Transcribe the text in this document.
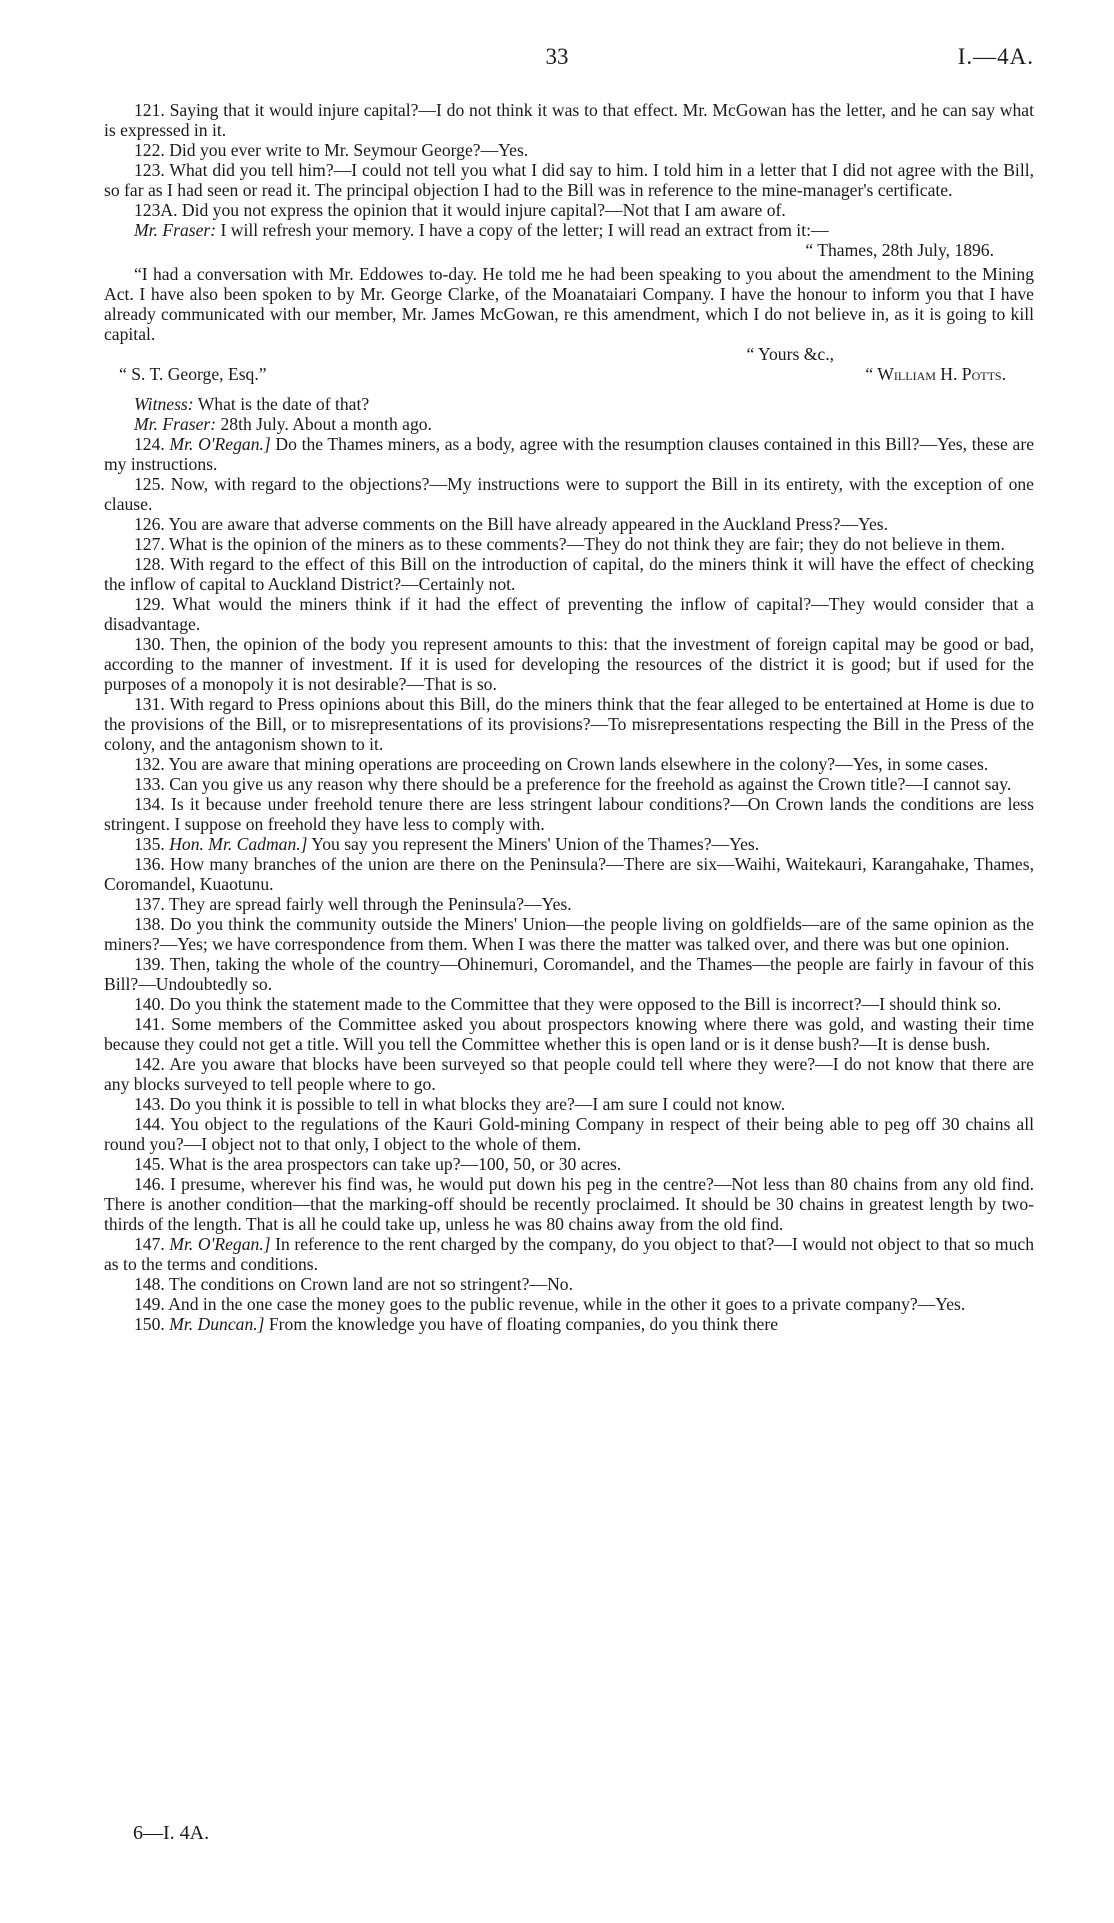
33	I.—4A.

121. Saying that it would injure capital?—I do not think it was to that effect. Mr. McGowan has the letter, and he can say what is expressed in it.

122. Did you ever write to Mr. Seymour George?—Yes.

123. What did you tell him?—I could not tell you what I did say to him. I told him in a letter that I did not agree with the Bill, so far as I had seen or read it. The principal objection I had to the Bill was in reference to the mine-manager's certificate.

123A. Did you not express the opinion that it would injure capital?—Not that I am aware of.

Mr. Fraser: I will refresh your memory. I have a copy of the letter; I will read an extract from it:—

“ Thames, 28th July, 1896.

“I had a conversation with Mr. Eddowes to-day. He told me he had been speaking to you about the amendment to the Mining Act. I have also been spoken to by Mr. George Clarke, of the Moanataiari Company. I have the honour to inform you that I have already communicated with our member, Mr. James McGowan, re this amendment, which I do not believe in, as it is going to kill capital.

“ Yours &c.,

“ S. T. George, Esq.”	“ William H. Potts.

Witness: What is the date of that?

Mr. Fraser: 28th July. About a month ago.

124. Mr. O'Regan.] Do the Thames miners, as a body, agree with the resumption clauses contained in this Bill?—Yes, these are my instructions.

125. Now, with regard to the objections?—My instructions were to support the Bill in its entirety, with the exception of one clause.

126. You are aware that adverse comments on the Bill have already appeared in the Auckland Press?—Yes.

127. What is the opinion of the miners as to these comments?—They do not think they are fair; they do not believe in them.

128. With regard to the effect of this Bill on the introduction of capital, do the miners think it will have the effect of checking the inflow of capital to Auckland District?—Certainly not.

129. What would the miners think if it had the effect of preventing the inflow of capital?—They would consider that a disadvantage.

130. Then, the opinion of the body you represent amounts to this: that the investment of foreign capital may be good or bad, according to the manner of investment. If it is used for developing the resources of the district it is good; but if used for the purposes of a monopoly it is not desirable?—That is so.

131. With regard to Press opinions about this Bill, do the miners think that the fear alleged to be entertained at Home is due to the provisions of the Bill, or to misrepresentations of its provisions?—To misrepresentations respecting the Bill in the Press of the colony, and the antagonism shown to it.

132. You are aware that mining operations are proceeding on Crown lands elsewhere in the colony?—Yes, in some cases.

133. Can you give us any reason why there should be a preference for the freehold as against the Crown title?—I cannot say.

134. Is it because under freehold tenure there are less stringent labour conditions?—On Crown lands the conditions are less stringent. I suppose on freehold they have less to comply with.

135. Hon. Mr. Cadman.] You say you represent the Miners' Union of the Thames?—Yes.

136. How many branches of the union are there on the Peninsula?—There are six—Waihi, Waitekauri, Karangahake, Thames, Coromandel, Kuaotunu.

137. They are spread fairly well through the Peninsula?—Yes.

138. Do you think the community outside the Miners' Union—the people living on goldfields—are of the same opinion as the miners?—Yes; we have correspondence from them. When I was there the matter was talked over, and there was but one opinion.

139. Then, taking the whole of the country—Ohinemuri, Coromandel, and the Thames—the people are fairly in favour of this Bill?—Undoubtedly so.

140. Do you think the statement made to the Committee that they were opposed to the Bill is incorrect?—I should think so.

141. Some members of the Committee asked you about prospectors knowing where there was gold, and wasting their time because they could not get a title. Will you tell the Committee whether this is open land or is it dense bush?—It is dense bush.

142. Are you aware that blocks have been surveyed so that people could tell where they were?—I do not know that there are any blocks surveyed to tell people where to go.

143. Do you think it is possible to tell in what blocks they are?—I am sure I could not know.

144. You object to the regulations of the Kauri Gold-mining Company in respect of their being able to peg off 30 chains all round you?—I object not to that only, I object to the whole of them.

145. What is the area prospectors can take up?—100, 50, or 30 acres.

146. I presume, wherever his find was, he would put down his peg in the centre?—Not less than 80 chains from any old find. There is another condition—that the marking-off should be recently proclaimed. It should be 30 chains in greatest length by two-thirds of the length. That is all he could take up, unless he was 80 chains away from the old find.

147. Mr. O'Regan.] In reference to the rent charged by the company, do you object to that?—I would not object to that so much as to the terms and conditions.

148. The conditions on Crown land are not so stringent?—No.

149. And in the one case the money goes to the public revenue, while in the other it goes to a private company?—Yes.

150. Mr. Duncan.] From the knowledge you have of floating companies, do you think there

6—I. 4A.
